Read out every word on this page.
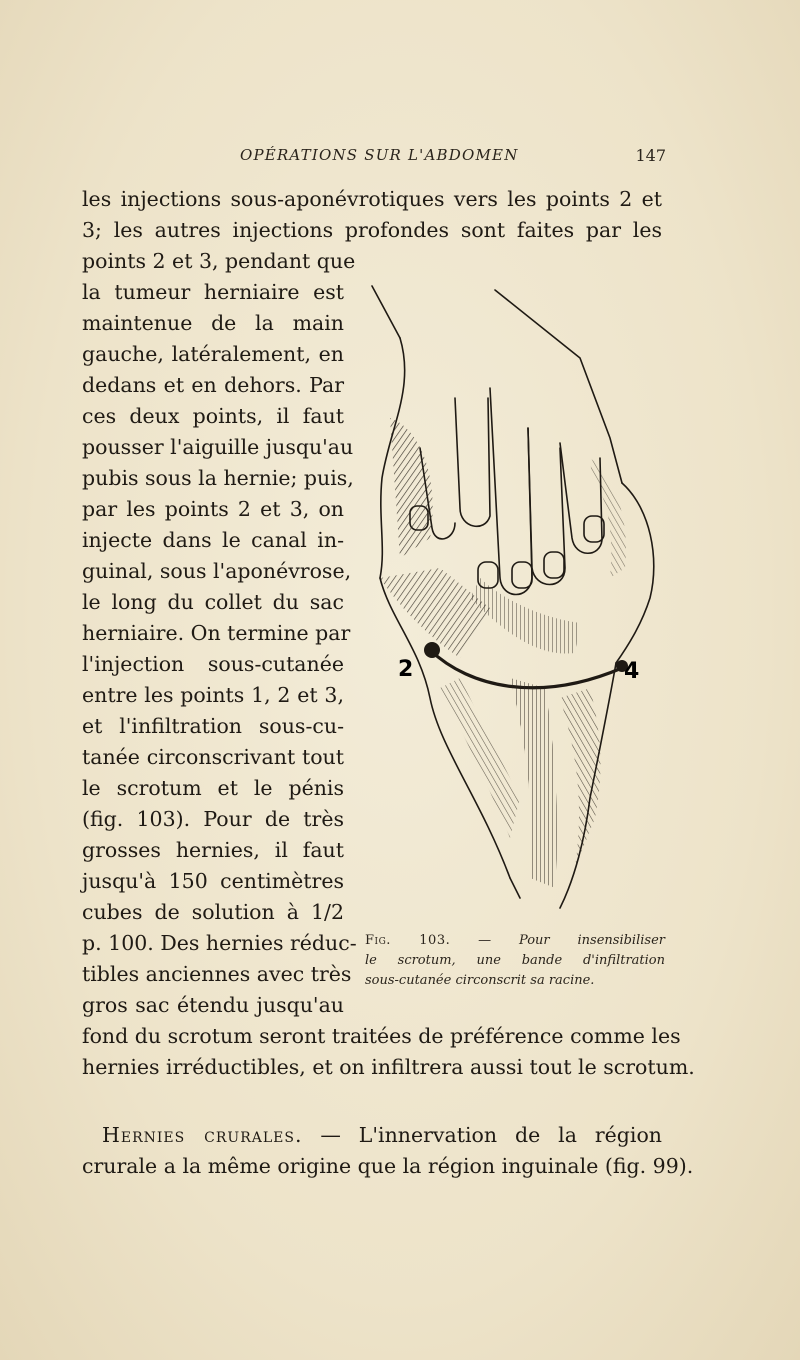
OPÉRATIONS SUR L'ABDOMEN	147
les injections sous-aponévrotiques vers les points 2 et
3; les autres injections profondes sont faites par les
points 2 et 3, pendant que
la tumeur herniaire est
maintenue de la main
gauche, latéralement, en
dedans et en dehors. Par
ces deux points, il faut
pousser l'aiguille jusqu'au
pubis sous la hernie; puis,
par les points 2 et 3, on
injecte dans le canal in-
guinal, sous l'aponévrose,
le long du collet du sac
herniaire. On termine par
l'injection sous-cutanée
entre les points 1, 2 et 3,
et l'infiltration sous-cu-
tanée circonscrivant tout
le scrotum et le pénis
(fig. 103). Pour de très
grosses hernies, il faut
jusqu'à 150 centimètres
cubes de solution à 1/2
p. 100. Des hernies réduc-
tibles anciennes avec très
gros sac étendu jusqu'au
fond du scrotum seront traitées de préférence comme les
hernies irréductibles, et on infiltrera aussi tout le scrotum.
Hernies crurales. — L'innervation de la région
crurale a la même origine que la région inguinale (fig. 99).
2	4
Fig. 103. — Pour insensibiliser
le scrotum, une bande d'infiltration
sous-cutanée circonscrit sa racine.
